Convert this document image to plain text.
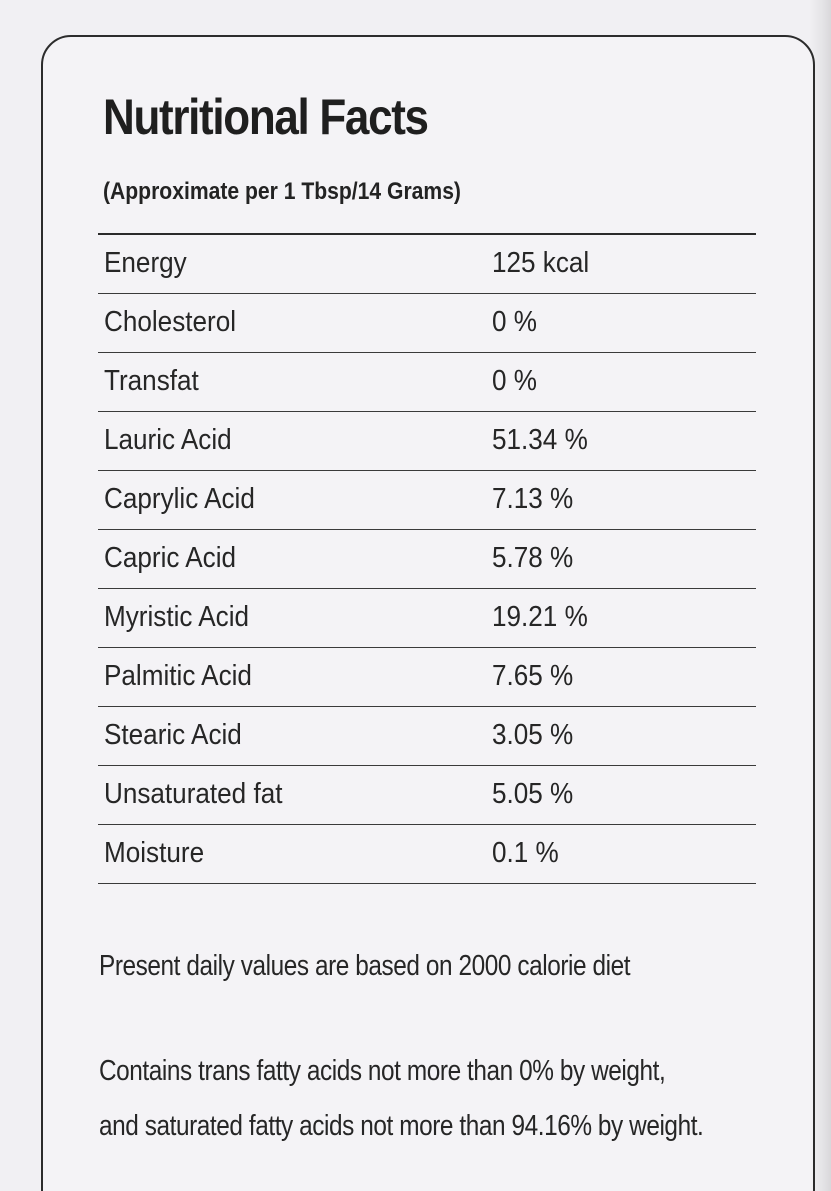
Nutritional Facts
(Approximate per 1 Tbsp/14 Grams)
Energy	125 kcal
Cholesterol	0 %
Transfat	0 %
Lauric Acid	51.34 %
Caprylic Acid	7.13 %
Capric Acid	5.78 %
Myristic Acid	19.21 %
Palmitic Acid	7.65 %
Stearic Acid	3.05 %
Unsaturated fat	5.05 %
Moisture	0.1 %
Present daily values are based on 2000 calorie diet
Contains trans fatty acids not more than 0% by weight,
and saturated fatty acids not more than 94.16% by weight.
